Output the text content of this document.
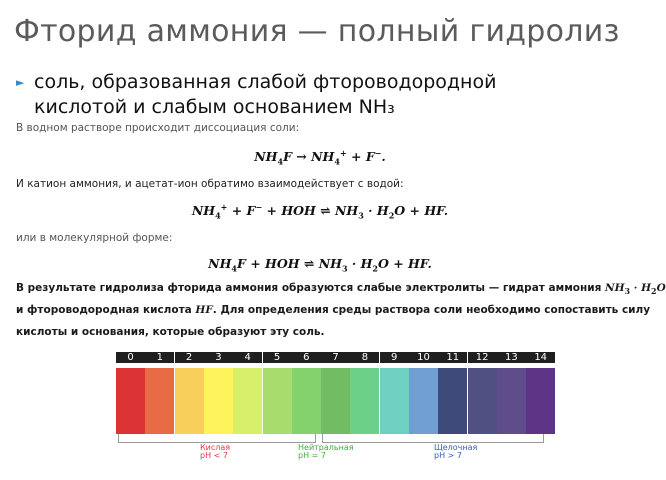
Фторид аммония — полный гидролиз
► соль, образованная слабой фтороводородной кислотой и слабым основанием NH₃
В водном растворе происходит диссоциация соли:
$NH_4F \to NH_4^+ + F^-$.
И катион аммония, и ацетат-ион обратимо взаимодействует с водой:
$NH_4^+ + F^-$ + HOH ⇌ $NH_3 \cdot H_2O$ + HF.
или в молекулярной форме:
$NH_4F$ + HOH ⇌ $NH_3 \cdot H_2O$ + HF.
В результате гидролиза фторида аммония образуются слабые электролиты — гидрат аммония $NH_3 \cdot H_2O$
и фтороводородная кислота HF. Для определения среды раствора соли необходимо сопоставить силу
кислоты и основания, которые образуют эту соль.
0	1	2	3	4	5	6	7	8	9	10	11	12	13	14
Кислая
pH < 7
Нейтральная
pH = 7
Щелочная
pH > 7
